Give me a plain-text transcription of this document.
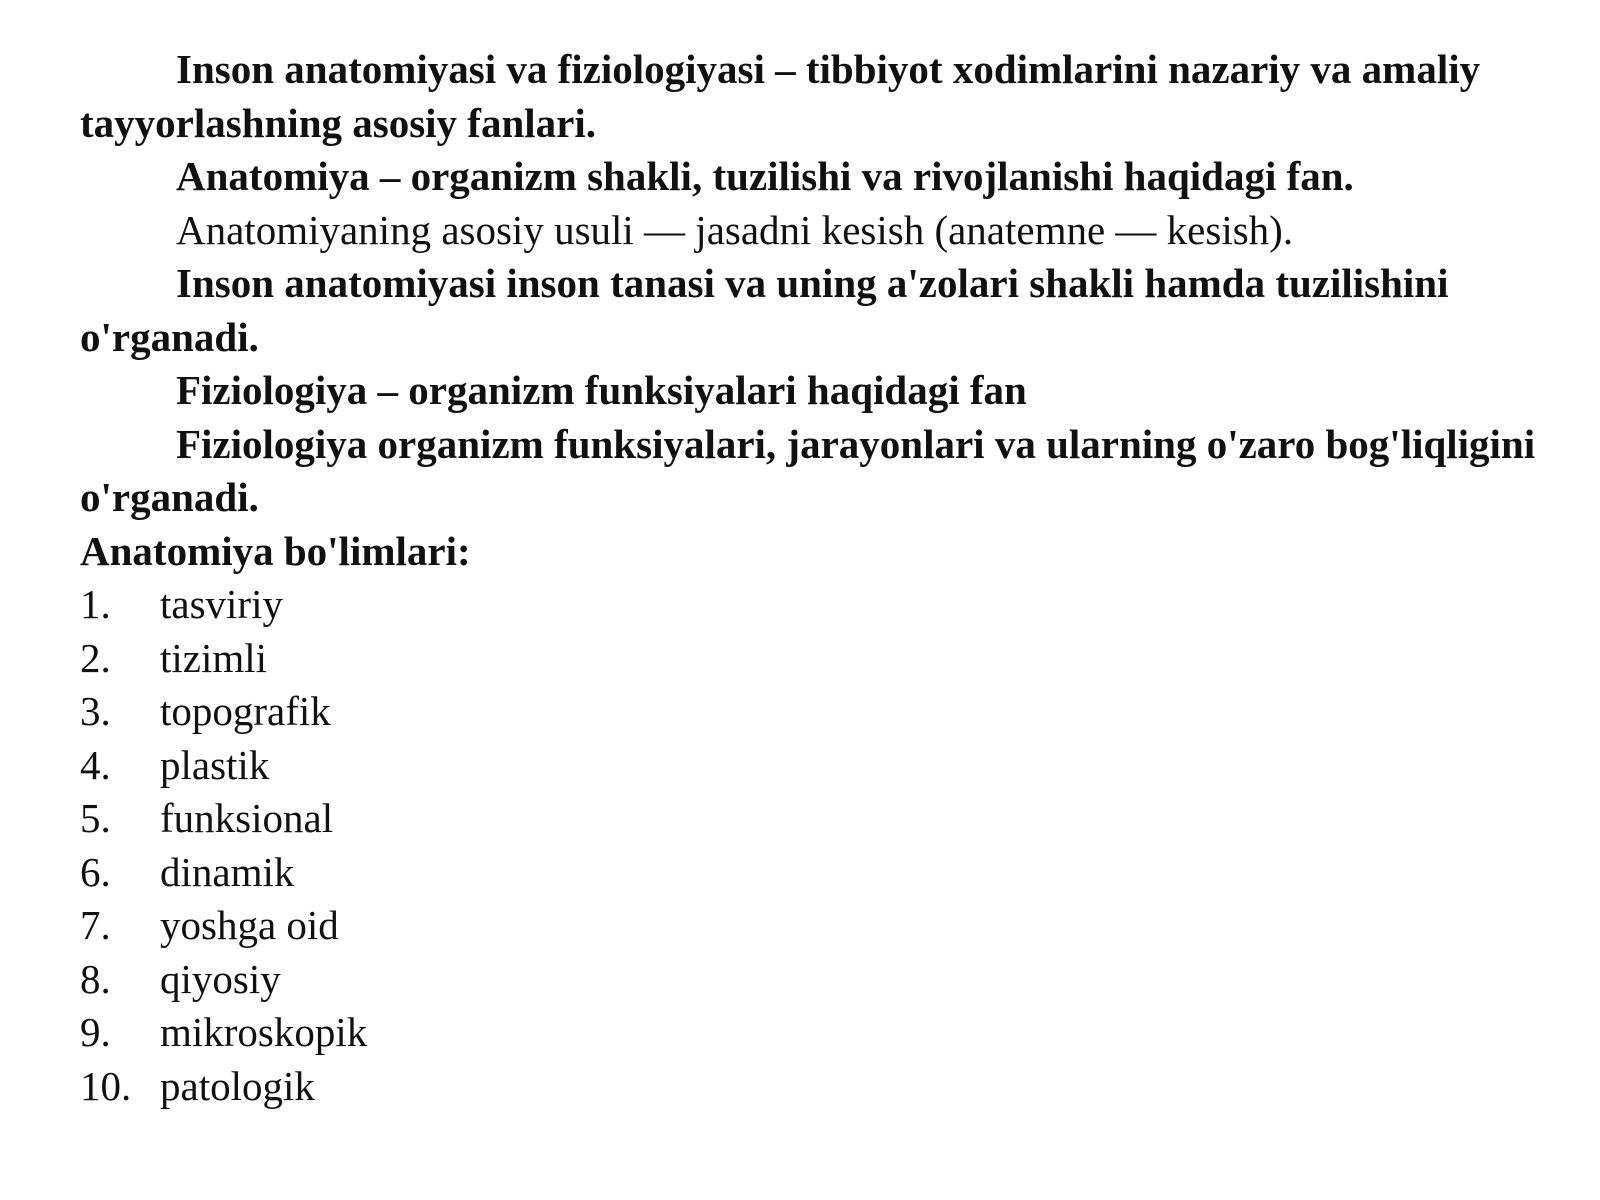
Inson anatomiyasi va fiziologiyasi – tibbiyot xodimlarini nazariy va amaliy tayyorlashning asosiy fanlari.

Anatomiya – organizm shakli, tuzilishi va rivojlanishi haqidagi fan.

Anatomiyaning asosiy usuli — jasadni kesish (anatemne — kesish).

Inson anatomiyasi inson tanasi va uning a'zolari shakli hamda tuzilishini o'rganadi.

Fiziologiya – organizm funksiyalari haqidagi fan

Fiziologiya organizm funksiyalari, jarayonlari va ularning o'zaro bog'liqligini o'rganadi.

Anatomiya bo'limlari:

1.	tasviriy
2.	tizimli
3.	topografik
4.	plastik
5.	funksional
6.	dinamik
7.	yoshga oid
8.	qiyosiy
9.	mikroskopik
10. patologik
